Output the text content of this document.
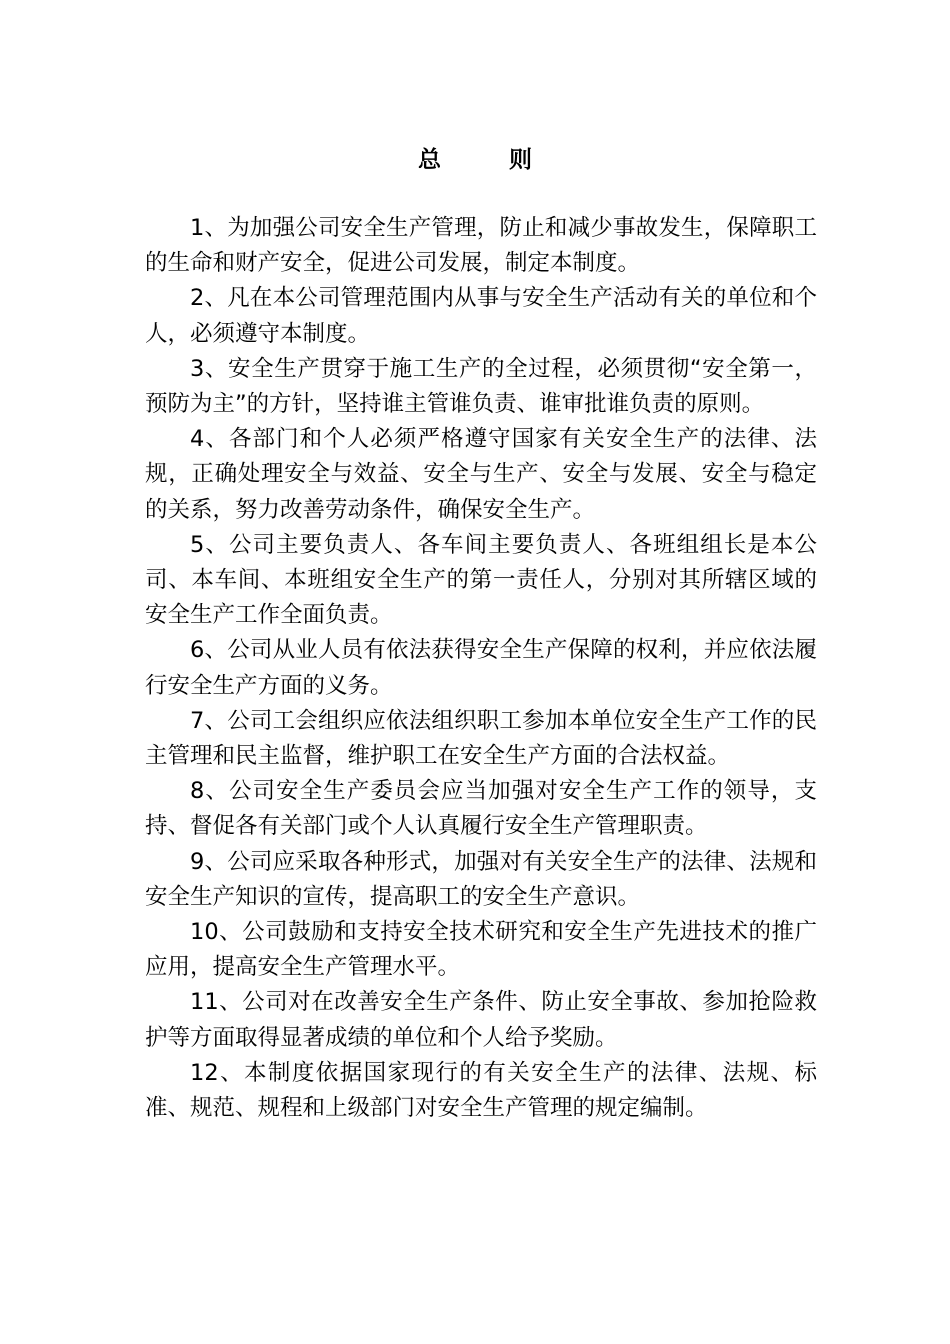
总 则

1、为加强公司安全生产管理，防止和减少事故发生，保障职工的生命和财产安全，促进公司发展，制定本制度。

2、凡在本公司管理范围内从事与安全生产活动有关的单位和个人，必须遵守本制度。

3、安全生产贯穿于施工生产的全过程，必须贯彻“安全第一，预防为主”的方针，坚持谁主管谁负责、谁审批谁负责的原则。

4、各部门和个人必须严格遵守国家有关安全生产的法律、法规，正确处理安全与效益、安全与生产、安全与发展、安全与稳定的关系，努力改善劳动条件，确保安全生产。

5、公司主要负责人、各车间主要负责人、各班组组长是本公司、本车间、本班组安全生产的第一责任人，分别对其所辖区域的安全生产工作全面负责。

6、公司从业人员有依法获得安全生产保障的权利，并应依法履行安全生产方面的义务。

7、公司工会组织应依法组织职工参加本单位安全生产工作的民主管理和民主监督，维护职工在安全生产方面的合法权益。

8、公司安全生产委员会应当加强对安全生产工作的领导，支持、督促各有关部门或个人认真履行安全生产管理职责。

9、公司应采取各种形式，加强对有关安全生产的法律、法规和安全生产知识的宣传，提高职工的安全生产意识。

10、公司鼓励和支持安全技术研究和安全生产先进技术的推广应用，提高安全生产管理水平。

11、公司对在改善安全生产条件、防止安全事故、参加抢险救护等方面取得显著成绩的单位和个人给予奖励。

12、本制度依据国家现行的有关安全生产的法律、法规、标准、规范、规程和上级部门对安全生产管理的规定编制。
